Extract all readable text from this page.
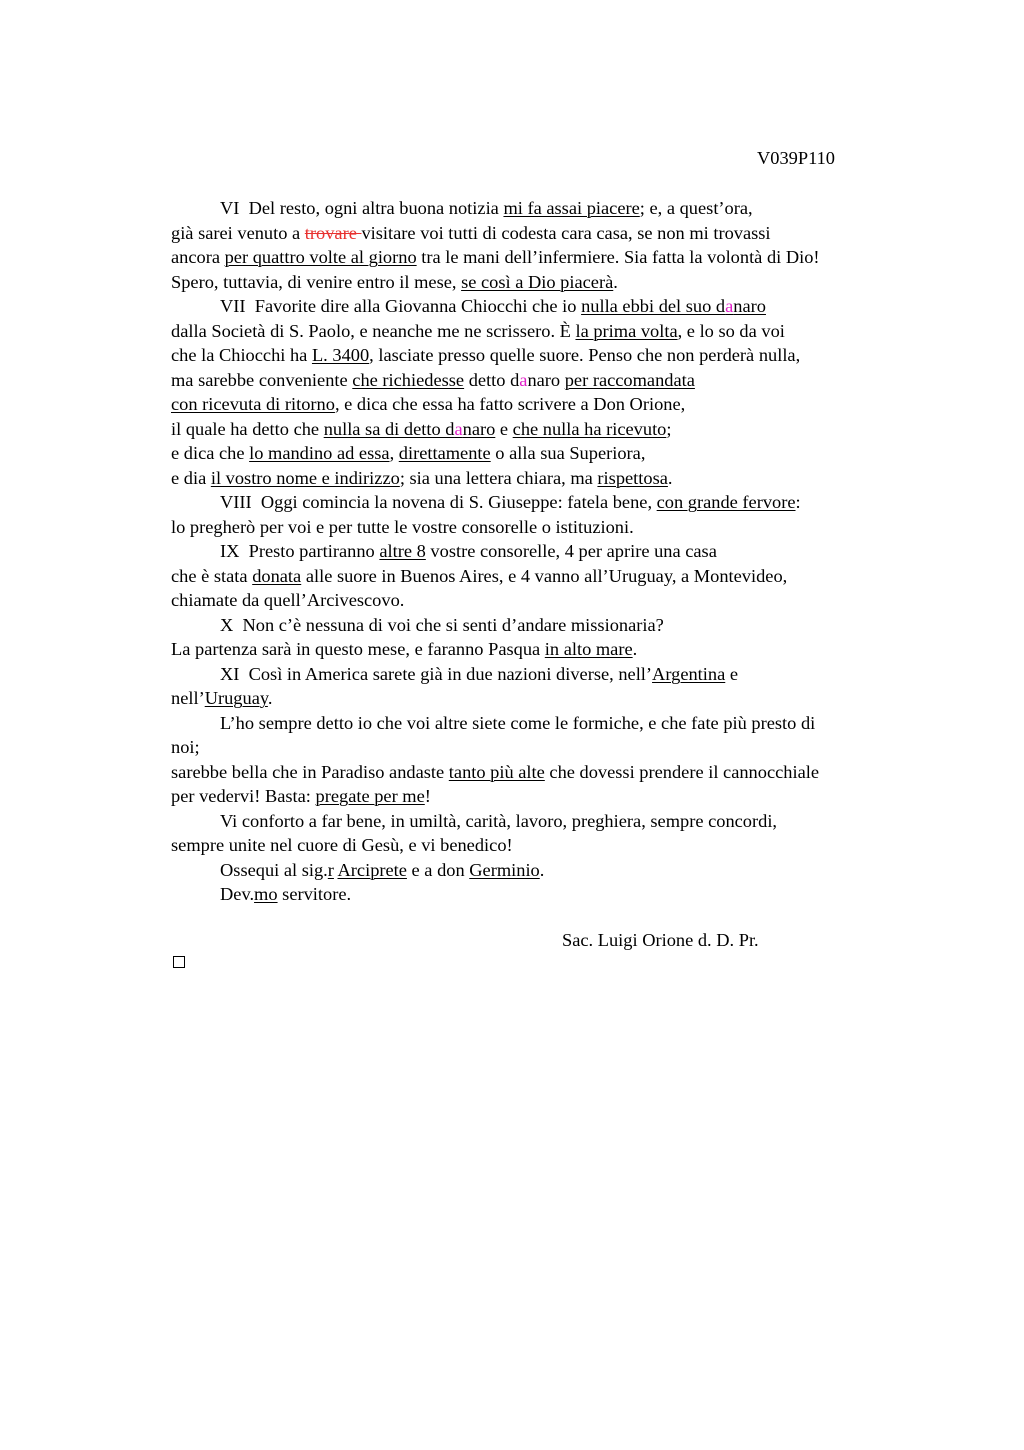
V039P110
VI  Del resto, ogni altra buona notizia mi fa assai piacere; e, a quest’ora,
già sarei venuto a trovare visitare voi tutti di codesta cara casa, se non mi trovassi
ancora per quattro volte al giorno tra le mani dell’infermiere. Sia fatta la volontà di Dio!
Spero, tuttavia, di venire entro il mese, se così a Dio piacerà.
VII  Favorite dire alla Giovanna Chiocchi che io nulla ebbi del suo danaro
dalla Società di S. Paolo, e neanche me ne scrissero. È la prima volta, e lo so da voi
che la Chiocchi ha L. 3400, lasciate presso quelle suore. Penso che non perderà nulla,
ma sarebbe conveniente che richiedesse detto danaro per raccomandata
con ricevuta di ritorno, e dica che essa ha fatto scrivere a Don Orione,
il quale ha detto che nulla sa di detto danaro e che nulla ha ricevuto;
e dica che lo mandino ad essa, direttamente o alla sua Superiora,
e dia il vostro nome e indirizzo; sia una lettera chiara, ma rispettosa.
VIII  Oggi comincia la novena di S. Giuseppe: fatela bene, con grande fervore:
lo pregherò per voi e per tutte le vostre consorelle o istituzioni.
IX  Presto partiranno altre 8 vostre consorelle, 4 per aprire una casa
che è stata donata alle suore in Buenos Aires, e 4 vanno all’Uruguay, a Montevideo,
chiamate da quell’Arcivescovo.
X  Non c’è nessuna di voi che si senti d’andare missionaria?
La partenza sarà in questo mese, e faranno Pasqua in alto mare.
XI  Così in America sarete già in due nazioni diverse, nell’Argentina e
nell’Uruguay.
L’ho sempre detto io che voi altre siete come le formiche, e che fate più presto di
noi;
sarebbe bella che in Paradiso andaste tanto più alte che dovessi prendere il cannocchiale
per vedervi! Basta: pregate per me!
Vi conforto a far bene, in umiltà, carità, lavoro, preghiera, sempre concordi,
sempre unite nel cuore di Gesù, e vi benedico!
Ossequi al sig.r Arciprete e a don Germinio.
Dev.mo servitore.
Sac. Luigi Orione d. D. Pr.
